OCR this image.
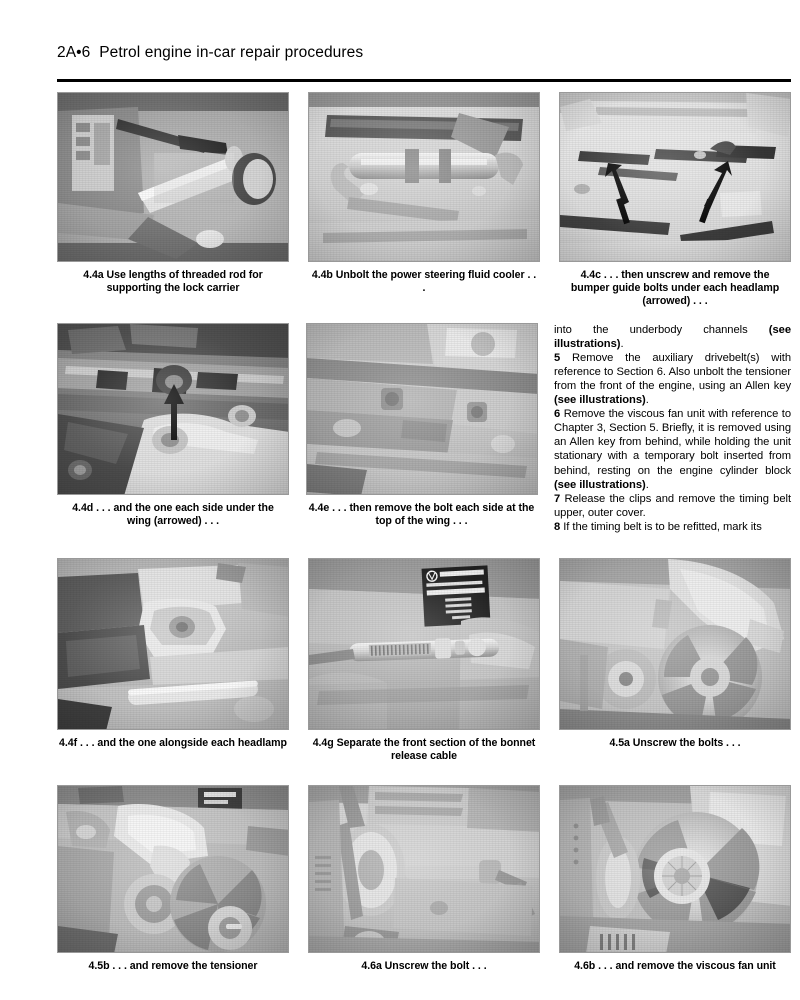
2A•6 Petrol engine in-car repair procedures
4.4a Use lengths of threaded rod for supporting the lock carrier
4.4b Unbolt the power steering fluid cooler . . .
4.4c . . . then unscrew and remove the bumper guide bolts under each headlamp (arrowed) . . .
4.4d . . . and the one each side under the wing (arrowed) . . .
4.4e . . . then remove the bolt each side at the top of the wing . . .

into the underbody channels (see illustrations).

5 Remove the auxiliary drivebelt(s) with reference to Section 6. Also unbolt the tensioner from the front of the engine, using an Allen key (see illustrations).

6 Remove the viscous fan unit with reference to Chapter 3, Section 5. Briefly, it is removed using an Allen key from behind, while holding the unit stationary with a temporary bolt inserted from behind, resting on the engine cylinder block (see illustrations).

7 Release the clips and remove the timing belt upper, outer cover.

8 If the timing belt is to be refitted, mark its

4.4f . . . and the one alongside each headlamp	4.4g Separate the front section of the bonnet release cable
4.5a Unscrew the bolts . . .
4.5b . . . and remove the tensioner	4.6a Unscrew the bolt . . .	4.6b . . . and remove the viscous fan unit
